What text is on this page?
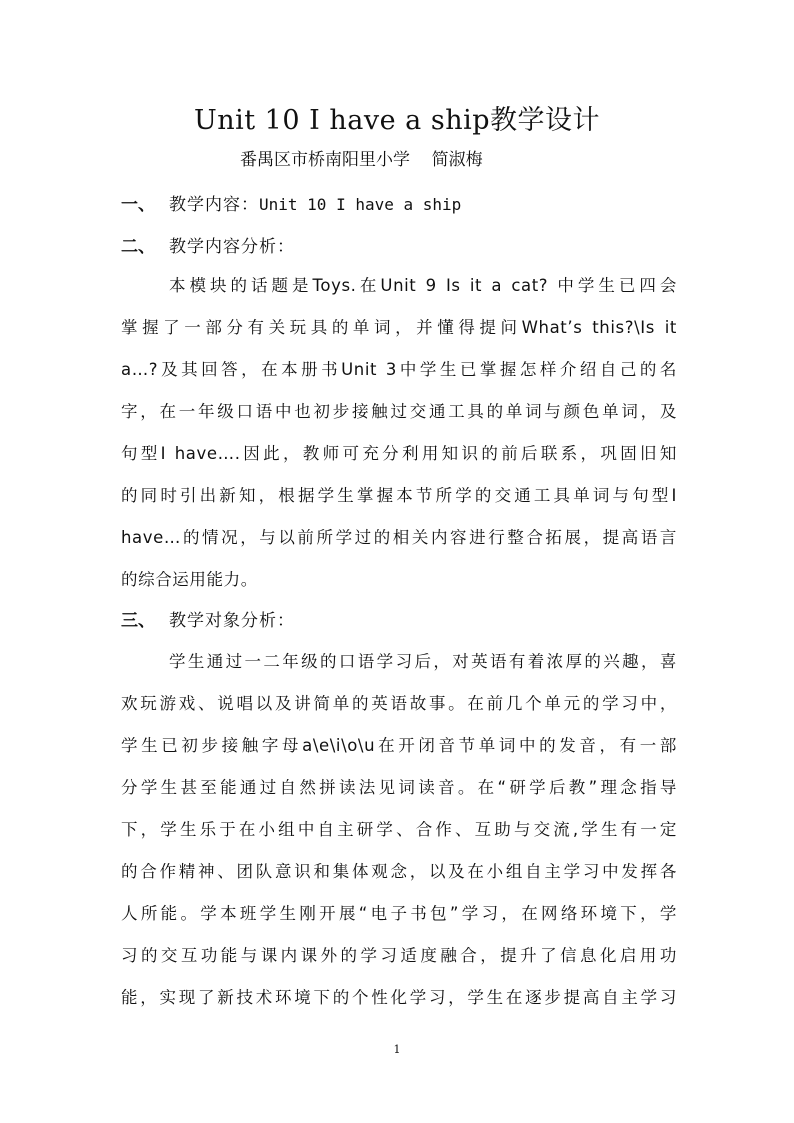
Unit 10 I have a ship教学设计
番禺区市桥南阳里小学    简淑梅
一、 教学内容：Unit 10 I have a ship
二、 教学内容分析：
本模块的话题是Toys.在Unit 9 Is it a cat? 中学生已四会
掌握了一部分有关玩具的单词，并懂得提问What’s this?\Is it
a…?及其回答，在本册书Unit 3中学生已掌握怎样介绍自己的名
字，在一年级口语中也初步接触过交通工具的单词与颜色单词，及
句型I have….因此，教师可充分利用知识的前后联系，巩固旧知
的同时引出新知，根据学生掌握本节所学的交通工具单词与句型I
have…的情况，与以前所学过的相关内容进行整合拓展，提高语言
的综合运用能力。
三、 教学对象分析：
学生通过一二年级的口语学习后，对英语有着浓厚的兴趣，喜
欢玩游戏、说唱以及讲简单的英语故事。在前几个单元的学习中，
学生已初步接触字母a\e\i\o\u在开闭音节单词中的发音，有一部
分学生甚至能通过自然拼读法见词读音。在“研学后教”理念指导
下，学生乐于在小组中自主研学、合作、互助与交流,学生有一定
的合作精神、团队意识和集体观念，以及在小组自主学习中发挥各
人所能。学本班学生刚开展“电子书包”学习，在网络环境下，学
习的交互功能与课内课外的学习适度融合，提升了信息化启用功
能，实现了新技术环境下的个性化学习，学生在逐步提高自主学习
1
